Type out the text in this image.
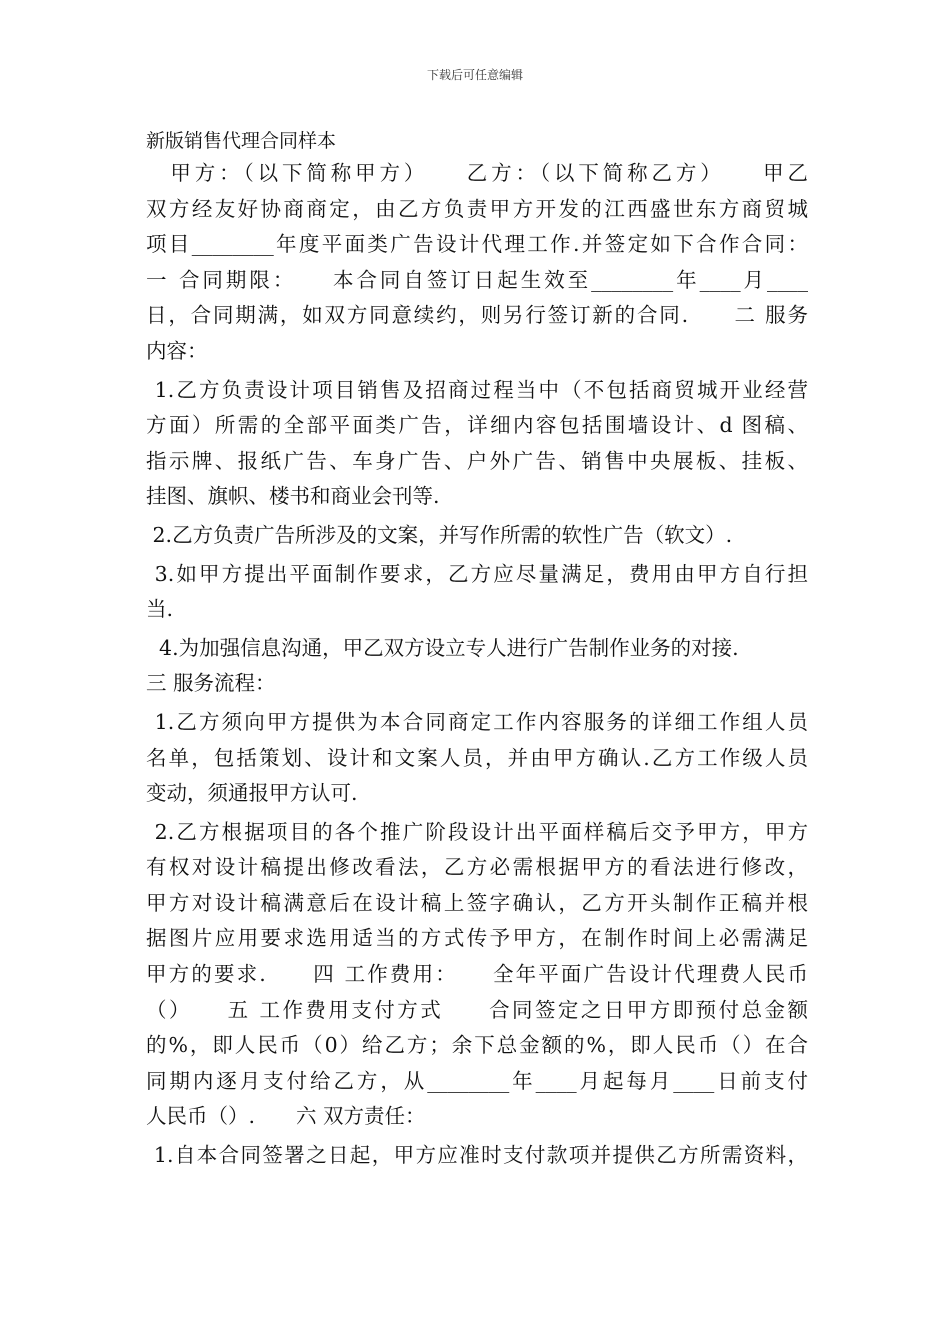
下载后可任意编辑
新版销售代理合同样本
　甲方：（以下简称甲方）　　乙方：（以下简称乙方）　　甲乙
双方经友好协商商定，由乙方负责甲方开发的江西盛世东方商贸城
项目________年度平面类广告设计代理工作.并签定如下合作合同：
一 合同期限：　　本合同自签订日起生效至________年____月____
日，合同期满，如双方同意续约，则另行签订新的合同.　　二 服务
内容：
1.乙方负责设计项目销售及招商过程当中（不包括商贸城开业经营
方面）所需的全部平面类广告，详细内容包括围墙设计、d 图稿、
指示牌、报纸广告、车身广告、户外广告、销售中央展板、挂板、
挂图、旗帜、楼书和商业会刊等.
2.乙方负责广告所涉及的文案，并写作所需的软性广告（软文）.
3.如甲方提出平面制作要求，乙方应尽量满足，费用由甲方自行担
当.
4.为加强信息沟通，甲乙双方设立专人进行广告制作业务的对接.
三 服务流程：
1.乙方须向甲方提供为本合同商定工作内容服务的详细工作组人员
名单，包括策划、设计和文案人员，并由甲方确认.乙方工作级人员
变动，须通报甲方认可.
2.乙方根据项目的各个推广阶段设计出平面样稿后交予甲方，甲方
有权对设计稿提出修改看法，乙方必需根据甲方的看法进行修改，
甲方对设计稿满意后在设计稿上签字确认，乙方开头制作正稿并根
据图片应用要求选用适当的方式传予甲方，在制作时间上必需满足
甲方的要求.　　四 工作费用：　　全年平面广告设计代理费人民币
（）　　五 工作费用支付方式　　合同签定之日甲方即预付总金额
的%，即人民币（0）给乙方；余下总金额的%，即人民币（）在合
同期内逐月支付给乙方，从________年____月起每月____日前支付
人民币（）.　　六 双方责任：
1.自本合同签署之日起，甲方应准时支付款项并提供乙方所需资料，
